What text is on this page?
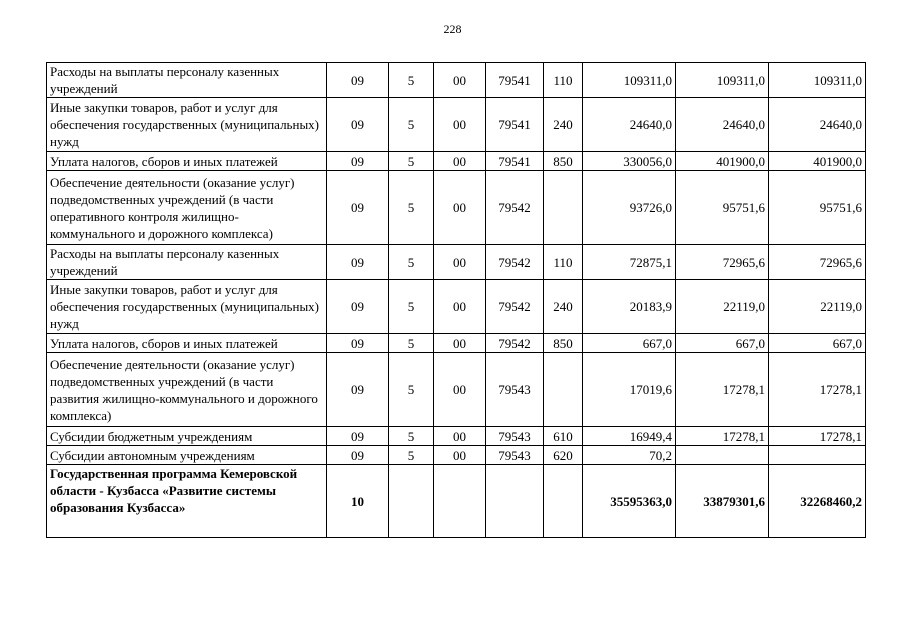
228
Расходы на выплаты персоналу казенных учреждений	09	5	00	79541	110	109311,0	109311,0	109311,0
Иные закупки товаров, работ и услуг для обеспечения государственных (муниципальных) нужд	09	5	00	79541	240	24640,0	24640,0	24640,0
Уплата налогов, сборов и иных платежей	09	5	00	79541	850	330056,0	401900,0	401900,0
Обеспечение деятельности (оказание услуг) подведомственных учреждений (в части оперативного контроля жилищно-коммунального и дорожного комплекса)	09	5	00	79542		93726,0	95751,6	95751,6
Расходы на выплаты персоналу казенных учреждений	09	5	00	79542	110	72875,1	72965,6	72965,6
Иные закупки товаров, работ и услуг для обеспечения государственных (муниципальных) нужд	09	5	00	79542	240	20183,9	22119,0	22119,0
Уплата налогов, сборов и иных платежей	09	5	00	79542	850	667,0	667,0	667,0
Обеспечение деятельности (оказание услуг) подведомственных учреждений (в части развития жилищно-коммунального и дорожного комплекса)	09	5	00	79543		17019,6	17278,1	17278,1
Субсидии бюджетным учреждениям	09	5	00	79543	610	16949,4	17278,1	17278,1
Субсидии автономным учреждениям	09	5	00	79543	620	70,2		
Государственная программа Кемеровской области - Кузбасса «Развитие системы образования Кузбасса»	10					35595363,0	33879301,6	32268460,2
